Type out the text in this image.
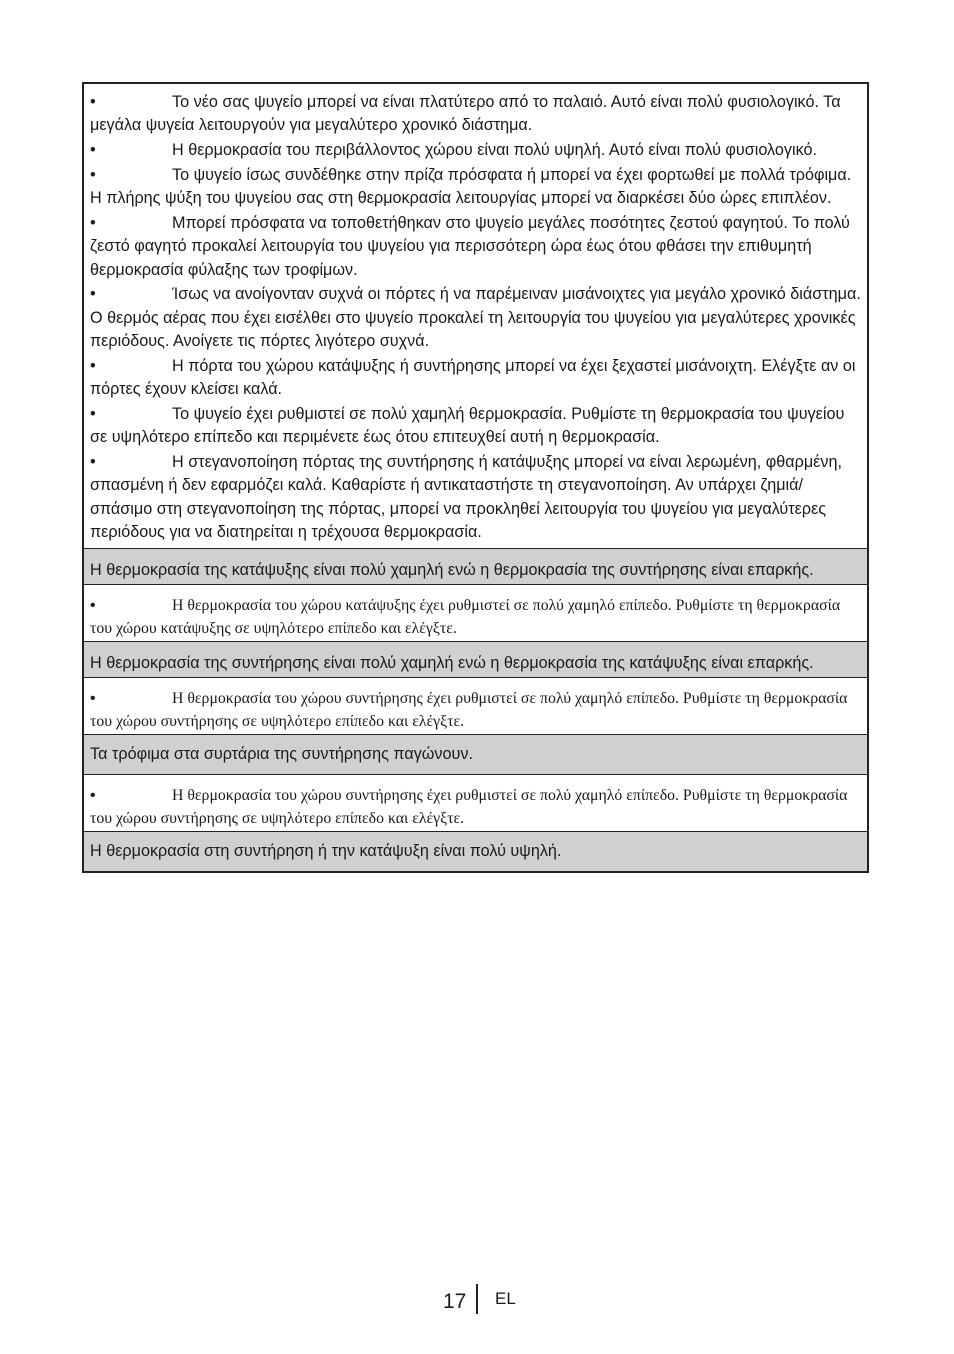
•	Το νέο σας ψυγείο μπορεί να είναι πλατύτερο από το παλαιό. Αυτό είναι πολύ φυσιολογικό. Τα μεγάλα ψυγεία λειτουργούν για μεγαλύτερο χρονικό διάστημα.
•	Η θερμοκρασία του περιβάλλοντος χώρου είναι πολύ υψηλή. Αυτό είναι πολύ φυσιολογικό.
•	Το ψυγείο ίσως συνδέθηκε στην πρίζα πρόσφατα ή μπορεί να έχει φορτωθεί με πολλά τρόφιμα. Η πλήρης ψύξη του ψυγείου σας στη θερμοκρασία λειτουργίας μπορεί να διαρκέσει δύο ώρες επιπλέον.
•	Μπορεί πρόσφατα να τοποθετήθηκαν στο ψυγείο μεγάλες ποσότητες ζεστού φαγητού. Το πολύ ζεστό φαγητό προκαλεί λειτουργία του ψυγείου για περισσότερη ώρα έως ότου φθάσει την επιθυμητή θερμοκρασία φύλαξης των τροφίμων.
•	Ίσως να ανοίγονταν συχνά οι πόρτες ή να παρέμειναν μισάνοιχτες για μεγάλο χρονικό διάστημα. Ο θερμός αέρας που έχει εισέλθει στο ψυγείο προκαλεί τη λειτουργία του ψυγείου για μεγαλύτερες χρονικές περιόδους. Ανοίγετε τις πόρτες λιγότερο συχνά.
•	Η πόρτα του χώρου κατάψυξης ή συντήρησης μπορεί να έχει ξεχαστεί μισάνοιχτη. Ελέγξτε αν οι πόρτες έχουν κλείσει καλά.
•	Το ψυγείο έχει ρυθμιστεί σε πολύ χαμηλή θερμοκρασία. Ρυθμίστε τη θερμοκρασία του ψυγείου σε υψηλότερο επίπεδο και περιμένετε έως ότου επιτευχθεί αυτή η θερμοκρασία.
•	Η στεγανοποίηση πόρτας της συντήρησης ή κατάψυξης μπορεί να είναι λερωμένη, φθαρμένη, σπασμένη ή δεν εφαρμόζει καλά. Καθαρίστε ή αντικαταστήστε τη στεγανοποίηση. Αν υπάρχει ζημιά/ σπάσιμο στη στεγανοποίηση της πόρτας, μπορεί να προκληθεί λειτουργία του ψυγείου για μεγαλύτερες περιόδους για να διατηρείται η τρέχουσα θερμοκρασία.
Η θερμοκρασία της κατάψυξης είναι πολύ χαμηλή ενώ η θερμοκρασία της συντήρησης είναι επαρκής.
•	Η θερμοκρασία του χώρου κατάψυξης έχει ρυθμιστεί σε πολύ χαμηλό επίπεδο. Ρυθμίστε τη θερμοκρασία του χώρου κατάψυξης σε υψηλότερο επίπεδο και ελέγξτε.
Η θερμοκρασία της συντήρησης είναι πολύ χαμηλή ενώ η θερμοκρασία της κατάψυξης είναι επαρκής.
•	Η θερμοκρασία του χώρου συντήρησης έχει ρυθμιστεί σε πολύ χαμηλό επίπεδο. Ρυθμίστε τη θερμοκρασία του χώρου συντήρησης σε υψηλότερο επίπεδο και ελέγξτε.
Τα τρόφιμα στα συρτάρια της συντήρησης παγώνουν.
•	Η θερμοκρασία του χώρου συντήρησης έχει ρυθμιστεί σε πολύ χαμηλό επίπεδο. Ρυθμίστε τη θερμοκρασία του χώρου συντήρησης σε υψηλότερο επίπεδο και ελέγξτε.
Η θερμοκρασία στη συντήρηση ή την κατάψυξη είναι πολύ υψηλή.
17 EL
